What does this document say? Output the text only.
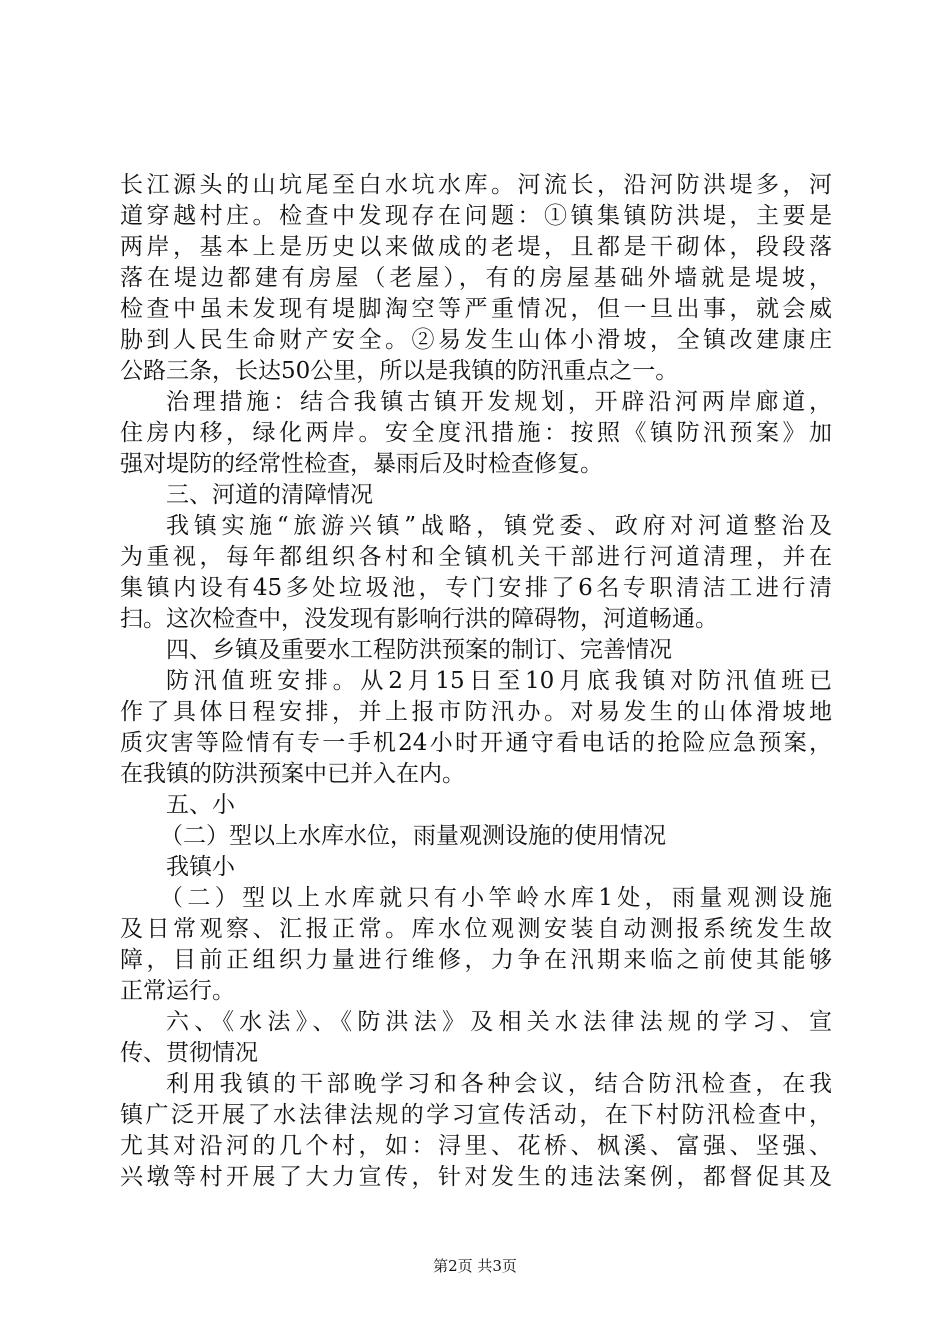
长江源头的山坑尾至白水坑水库。河流长，沿河防洪堤多，河
道穿越村庄。检查中发现存在问题：①镇集镇防洪堤，主要是
两岸，基本上是历史以来做成的老堤，且都是干砌体，段段落
落在堤边都建有房屋（老屋），有的房屋基础外墙就是堤坡，
检查中虽未发现有堤脚淘空等严重情况，但一旦出事，就会威
胁到人民生命财产安全。②易发生山体小滑坡，全镇改建康庄
公路三条，长达50公里，所以是我镇的防汛重点之一。
治理措施：结合我镇古镇开发规划，开辟沿河两岸廊道，
住房内移，绿化两岸。安全度汛措施：按照《镇防汛预案》加
强对堤防的经常性检查，暴雨后及时检查修复。
三、河道的清障情况
我镇实施“旅游兴镇”战略，镇党委、政府对河道整治及
为重视，每年都组织各村和全镇机关干部进行河道清理，并在
集镇内设有45多处垃圾池，专门安排了6名专职清洁工进行清
扫。这次检查中，没发现有影响行洪的障碍物，河道畅通。
四、乡镇及重要水工程防洪预案的制订、完善情况
防汛值班安排。从2月15日至10月底我镇对防汛值班已
作了具体日程安排，并上报市防汛办。对易发生的山体滑坡地
质灾害等险情有专一手机24小时开通守看电话的抢险应急预案，
在我镇的防洪预案中已并入在内。
五、小
（二）型以上水库水位，雨量观测设施的使用情况
我镇小
（二）型以上水库就只有小竿岭水库1处，雨量观测设施
及日常观察、汇报正常。库水位观测安装自动测报系统发生故
障，目前正组织力量进行维修，力争在汛期来临之前使其能够
正常运行。
六、《水法》、《防洪法》及相关水法律法规的学习、宣
传、贯彻情况
利用我镇的干部晚学习和各种会议，结合防汛检查，在我
镇广泛开展了水法律法规的学习宣传活动，在下村防汛检查中，
尤其对沿河的几个村，如：浔里、花桥、枫溪、富强、坚强、
兴墩等村开展了大力宣传，针对发生的违法案例，都督促其及
第2页 共3页
